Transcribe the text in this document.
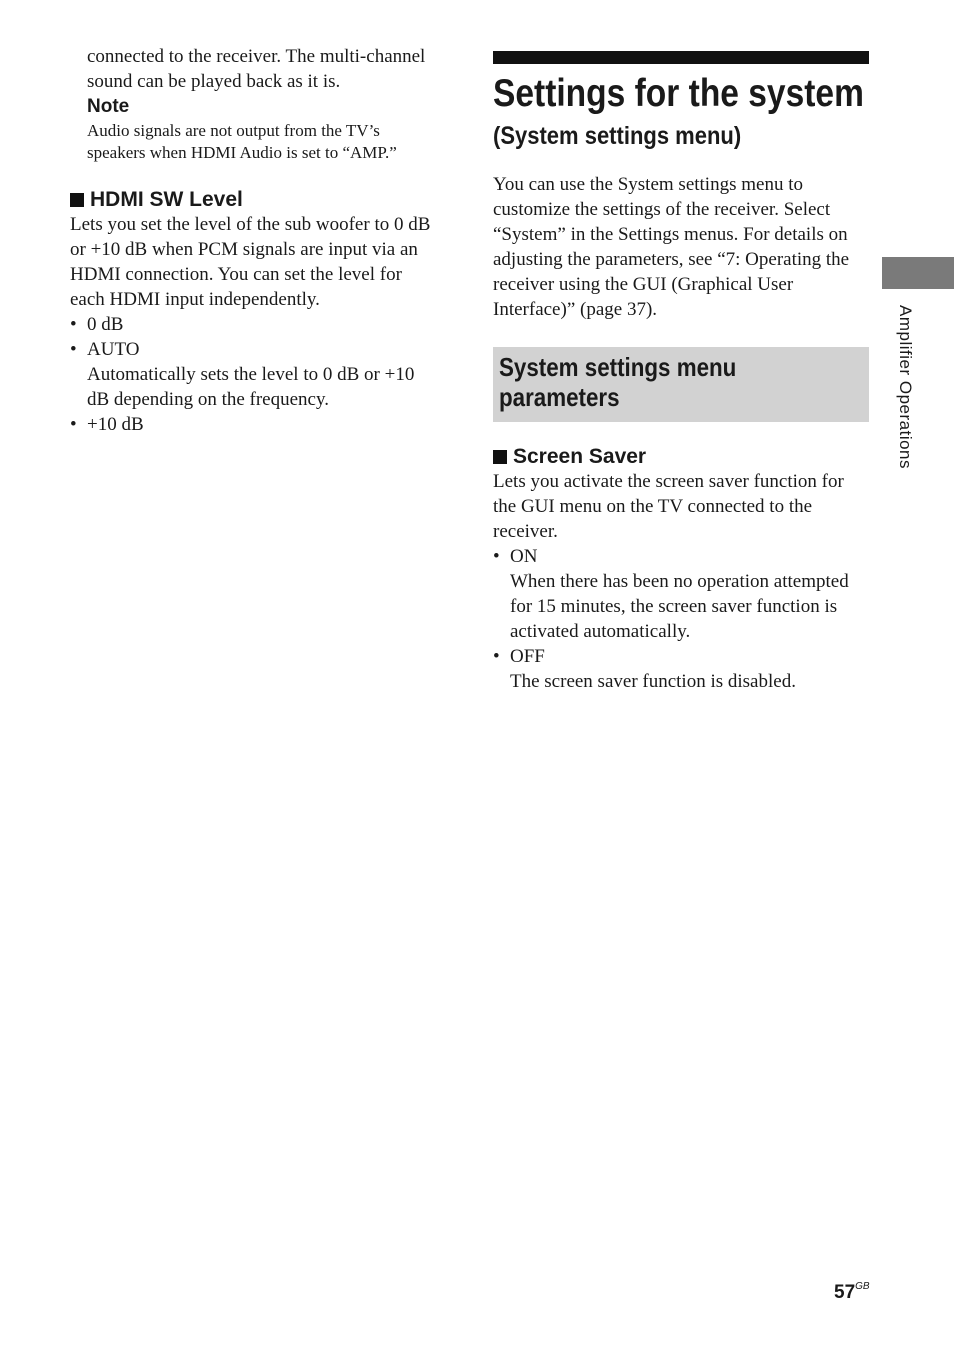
connected to the receiver. The multi-channel

sound can be played back as it is.

Note

Audio signals are not output from the TV’s

speakers when HDMI Audio is set to “AMP.”

HDMI SW Level

Lets you set the level of the sub woofer to 0 dB

or +10 dB when PCM signals are input via an

HDMI connection. You can set the level for

each HDMI input independently.

• 0 dB
• AUTO

Automatically sets the level to 0 dB or +10

dB depending on the frequency.

• +10 dB
Settings for the system
(System settings menu)

You can use the System settings menu to

customize the settings of the receiver. Select

“System” in the Settings menus. For details on

adjusting the parameters, see “7: Operating the

receiver using the GUI (Graphical User

Interface)” (page 37).

System settings menu
parameters
Screen Saver

Lets you activate the screen saver function for

the GUI menu on the TV connected to the

receiver.

• ON

When there has been no operation attempted

for 15 minutes, the screen saver function is

activated automatically.

• OFF

The screen saver function is disabled.

Amplifier Operations
$57^{GB}$
